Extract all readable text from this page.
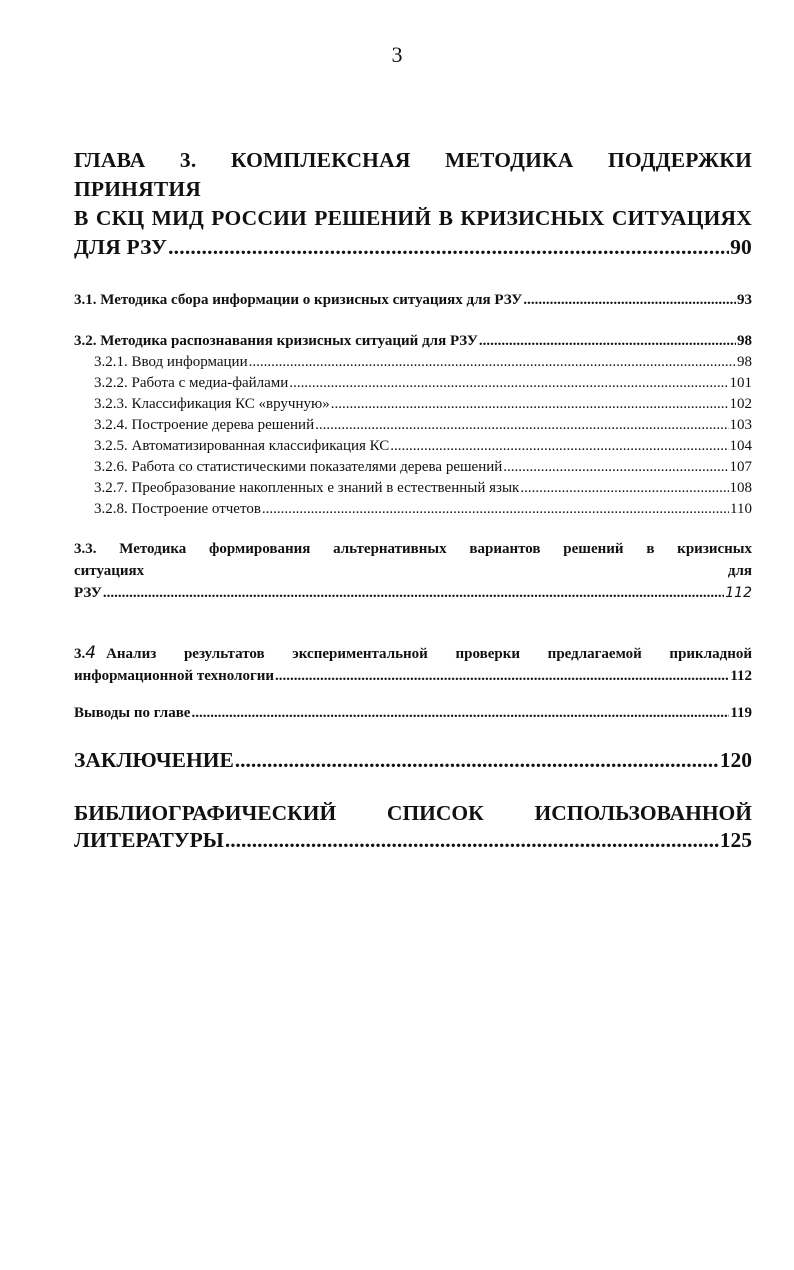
3
ГЛАВА 3. КОМПЛЕКСНАЯ МЕТОДИКА ПОДДЕРЖКИ ПРИНЯТИЯ
В СКЦ МИД РОССИИ РЕШЕНИЙ В КРИЗИСНЫХ СИТУАЦИЯХ
ДЛЯ РЗУ .....	90
3.1. Методика сбора информации о кризисных ситуациях для РЗУ .....	93
3.2. Методика распознавания кризисных ситуаций для РЗУ .....	98
3.2.1. Ввод информации .....	98
3.2.2. Работа с медиа-файлами .....	101
3.2.3. Классификация КС «вручную» .....	102
3.2.4. Построение дерева решений .....	103
3.2.5. Автоматизированная классификация КС .....	104
3.2.6. Работа со статистическими показателями дерева решений .....	107
3.2.7. Преобразование накопленных е знаний в естественный язык .....	108
3.2.8. Построение отчетов .....	110
3.3. Методика формирования альтернативных вариантов решений в кризисных
ситуациях	для
РЗУ .....	112
3.4 Анализ результатов экспериментальной проверки предлагаемой прикладной
информационной технологии .....	112
Выводы по главе .....	119
ЗАКЛЮЧЕНИЕ .....	120
БИБЛИОГРАФИЧЕСКИЙ СПИСОК ИСПОЛЬЗОВАННОЙ
ЛИТЕРАТУРЫ .....	125
